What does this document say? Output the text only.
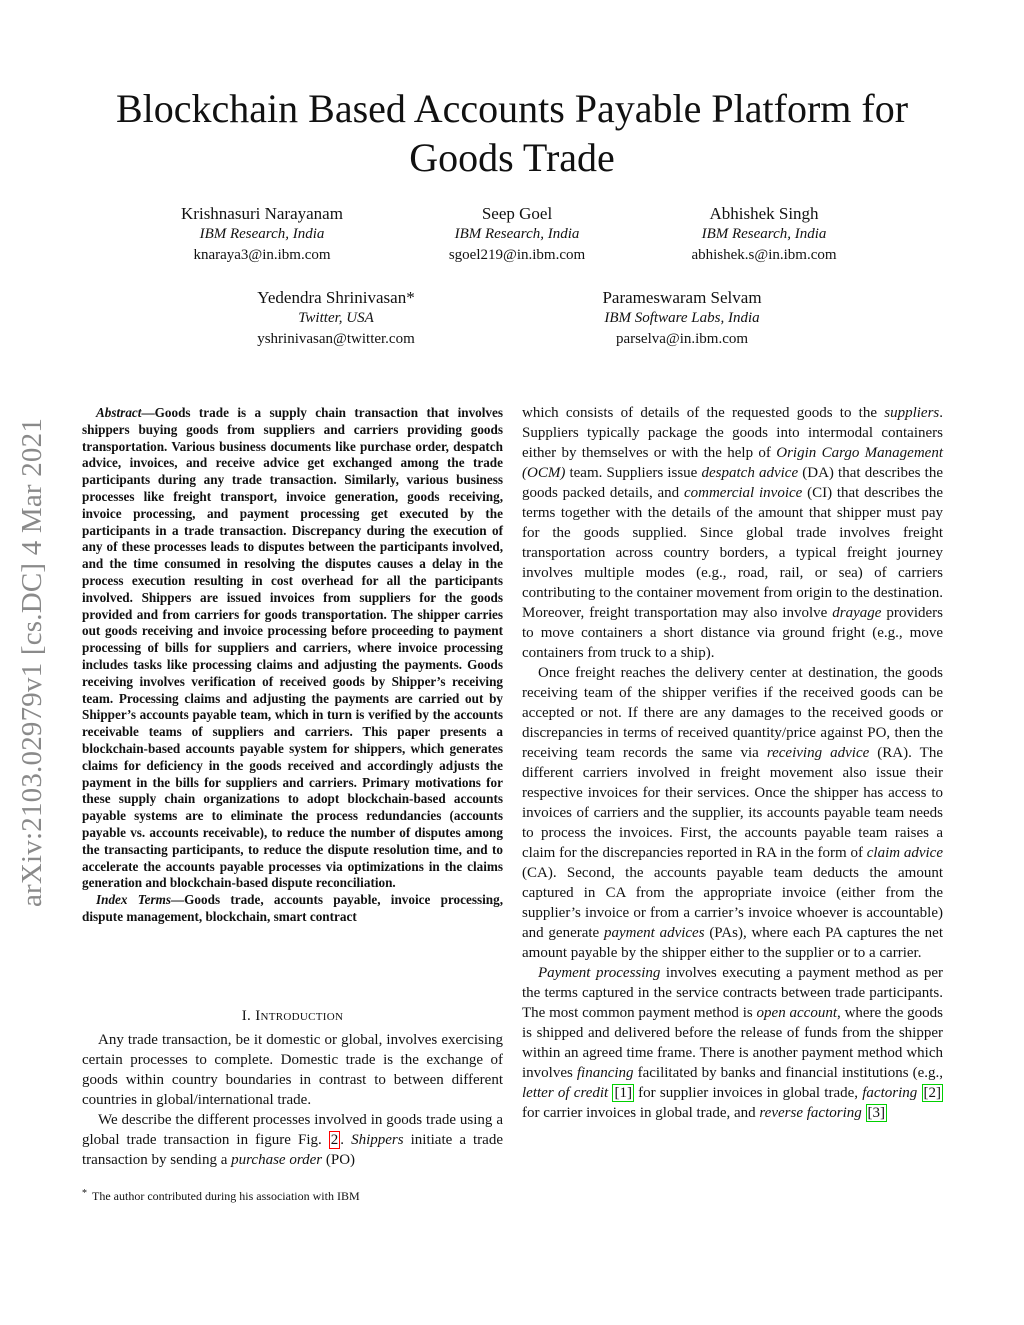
arXiv:2103.02979v1 [cs.DC] 4 Mar 2021
Blockchain Based Accounts Payable Platform for Goods Trade
Krishnasuri Narayanam
IBM Research, India
knaraya3@in.ibm.com
Seep Goel
IBM Research, India
sgoel219@in.ibm.com
Abhishek Singh
IBM Research, India
abhishek.s@in.ibm.com
Yedendra Shrinivasan*
Twitter, USA
yshrinivasan@twitter.com
Parameswaram Selvam
IBM Software Labs, India
parselva@in.ibm.com

Abstract—Goods trade is a supply chain transaction that involves shippers buying goods from suppliers and carriers providing goods transportation. Various business documents like purchase order, despatch advice, invoices, and receive advice get exchanged among the trade participants during any trade transaction. Similarly, various business processes like freight transport, invoice generation, goods receiving, invoice processing, and payment processing get executed by the participants in a trade transaction. Discrepancy during the execution of any of these processes leads to disputes between the participants involved, and the time consumed in resolving the disputes causes a delay in the process execution resulting in cost overhead for all the participants involved. Shippers are issued invoices from suppliers for the goods provided and from carriers for goods transportation. The shipper carries out goods receiving and invoice processing before proceeding to payment processing of bills for suppliers and carriers, where invoice processing includes tasks like processing claims and adjusting the payments. Goods receiving involves verification of received goods by Shipper’s receiving team. Processing claims and adjusting the payments are carried out by Shipper’s accounts payable team, which in turn is verified by the accounts receivable teams of suppliers and carriers. This paper presents a blockchain-based accounts payable system for shippers, which generates claims for deficiency in the goods received and accordingly adjusts the payment in the bills for suppliers and carriers. Primary motivations for these supply chain organizations to adopt blockchain-based accounts payable systems are to eliminate the process redundancies (accounts payable vs. accounts receivable), to reduce the number of disputes among the transacting participants, to reduce the dispute resolution time, and to accelerate the accounts payable processes via optimizations in the claims generation and blockchain-based dispute reconciliation.

Index Terms—Goods trade, accounts payable, invoice processing, dispute management, blockchain, smart contract

I. Introduction

Any trade transaction, be it domestic or global, involves exercising certain processes to complete. Domestic trade is the exchange of goods within country boundaries in contrast to between different countries in global/international trade.

We describe the different processes involved in goods trade using a global trade transaction in figure Fig. 2 . Shippers initiate a trade transaction by sending a purchase order (PO)

* The author contributed during his association with IBM

which consists of details of the requested goods to the suppliers. Suppliers typically package the goods into intermodal containers either by themselves or with the help of Origin Cargo Management (OCM) team. Suppliers issue despatch advice (DA) that describes the goods packed details, and commercial invoice (CI) that describes the terms together with the details of the amount that shipper must pay for the goods supplied. Since global trade involves freight transportation across country borders, a typical freight journey involves multiple modes (e.g., road, rail, or sea) of carriers contributing to the container movement from origin to the destination. Moreover, freight transportation may also involve drayage providers to move containers a short distance via ground fright (e.g., move containers from truck to a ship).

Once freight reaches the delivery center at destination, the goods receiving team of the shipper verifies if the received goods can be accepted or not. If there are any damages to the received goods or discrepancies in terms of received quantity/price against PO, then the receiving team records the same via receiving advice (RA). The different carriers involved in freight movement also issue their respective invoices for their services. Once the shipper has access to invoices of carriers and the supplier, its accounts payable team needs to process the invoices. First, the accounts payable team raises a claim for the discrepancies reported in RA in the form of claim advice (CA). Second, the accounts payable team deducts the amount captured in CA from the appropriate invoice (either from the supplier’s invoice or from a carrier’s invoice whoever is accountable) and generate payment advices (PAs), where each PA captures the net amount payable by the shipper either to the supplier or to a carrier.

Payment processing involves executing a payment method as per the terms captured in the service contracts between trade participants. The most common payment method is open account, where the goods is shipped and delivered before the release of funds from the shipper within an agreed time frame. There is another payment method which involves financing facilitated by banks and financial institutions (e.g., letter of credit [1] for supplier invoices in global trade, factoring [2] for carrier invoices in global trade, and reverse factoring [3]
